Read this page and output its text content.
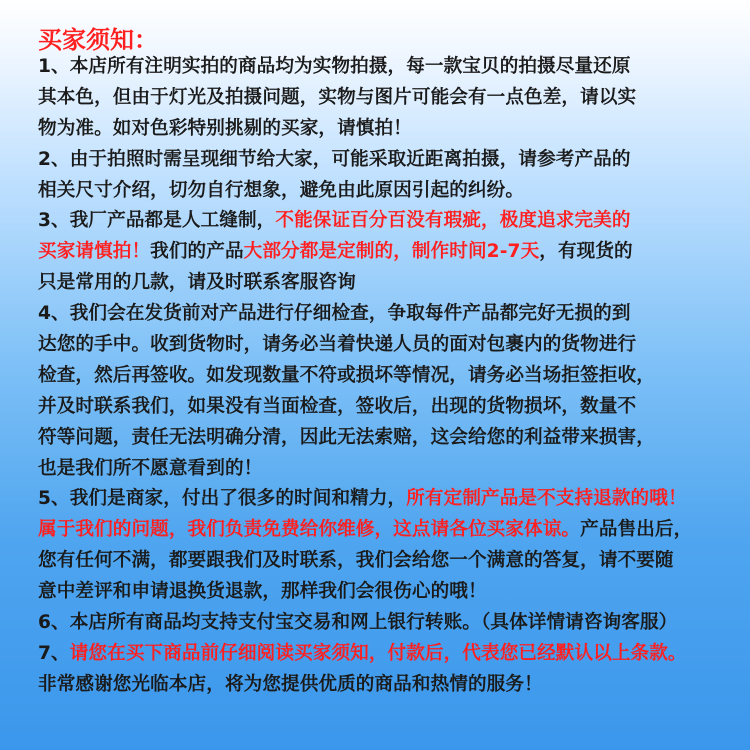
买家须知：
1、本店所有注明实拍的商品均为实物拍摄，每一款宝贝的拍摄尽量还原
其本色，但由于灯光及拍摄问题，实物与图片可能会有一点色差，请以实
物为准。如对色彩特别挑剔的买家，请慎拍！
2、由于拍照时需呈现细节给大家，可能采取近距离拍摄，请参考产品的
相关尺寸介绍，切勿自行想象，避免由此原因引起的纠纷。
3、我厂产品都是人工缝制，不能保证百分百没有瑕疵，极度追求完美的
买家请慎拍！我们的产品大部分都是定制的，制作时间2-7天，有现货的
只是常用的几款，请及时联系客服咨询
4、我们会在发货前对产品进行仔细检查，争取每件产品都完好无损的到
达您的手中。收到货物时，请务必当着快递人员的面对包裹内的货物进行
检查，然后再签收。如发现数量不符或损坏等情况，请务必当场拒签拒收，
并及时联系我们，如果没有当面检查，签收后，出现的货物损坏，数量不
符等问题，责任无法明确分清，因此无法索赔，这会给您的利益带来损害，
也是我们所不愿意看到的！
5、我们是商家，付出了很多的时间和精力，所有定制产品是不支持退款的哦！
属于我们的问题，我们负责免费给你维修，这点请各位买家体谅。产品售出后，
您有任何不满，都要跟我们及时联系，我们会给您一个满意的答复，请不要随
意中差评和申请退换货退款，那样我们会很伤心的哦！
6、本店所有商品均支持支付宝交易和网上银行转账。（具体详情请咨询客服）
7、请您在买下商品前仔细阅读买家须知，付款后，代表您已经默认以上条款。
非常感谢您光临本店，将为您提供优质的商品和热情的服务！
